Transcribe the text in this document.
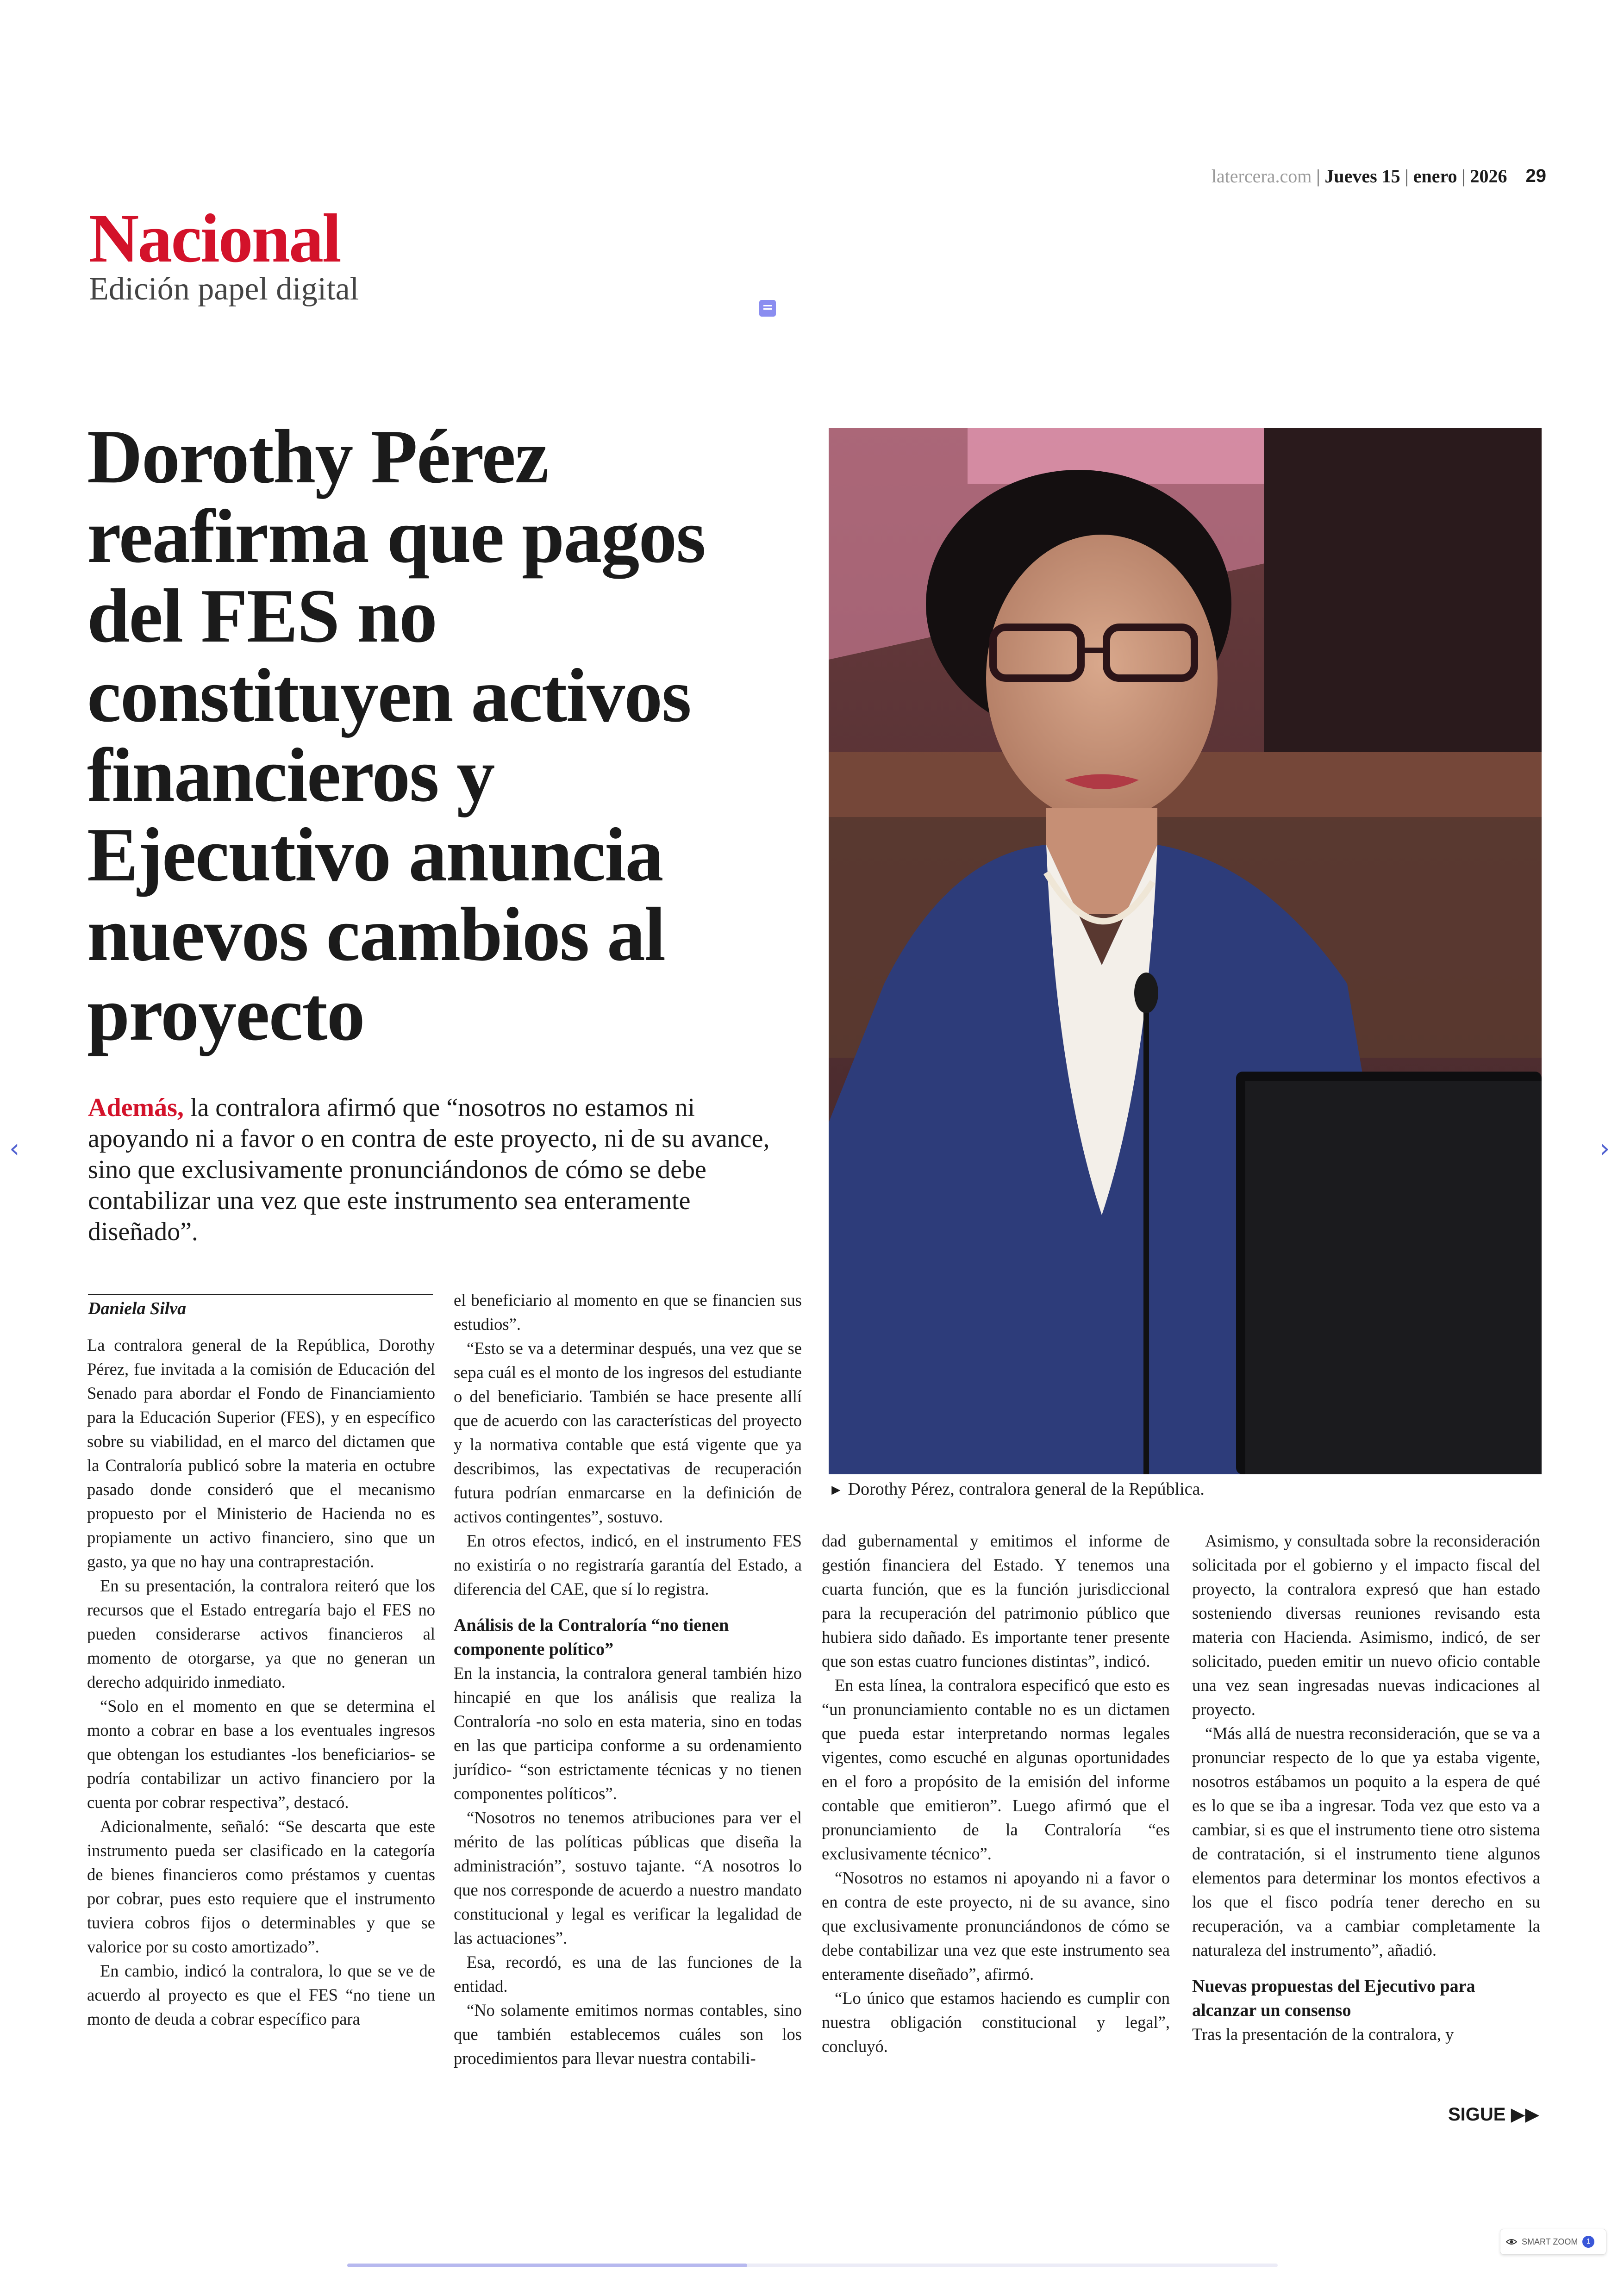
latercera.com | Jueves 15 | enero | 2026 29
Nacional
Edición papel digital
Dorothy Pérez reafirma que pagos del FES no constituyen activos financieros y Ejecutivo anuncia nuevos cambios al proyecto

Además, la contralora afirmó que “nosotros no estamos ni apoyando ni a favor o en contra de este proyecto, ni de su avance, sino que exclusivamente pronunciándonos de cómo se debe contabilizar una vez que este instrumento sea enteramente diseñado”.

► Dorothy Pérez, contralora general de la República.
Daniela Silva

La contralora general de la República, Dorothy Pérez, fue invitada a la comisión de Educación del Senado para abordar el Fondo de Financiamiento para la Educación Superior (FES), y en específico sobre su viabilidad, en el marco del dictamen que la Contraloría publicó sobre la materia en octubre pasado donde consideró que el mecanismo propuesto por el Ministerio de Hacienda no es propiamente un activo financiero, sino que un gasto, ya que no hay una contraprestación.

En su presentación, la contralora reiteró que los recursos que el Estado entregaría bajo el FES no pueden considerarse activos financieros al momento de otorgarse, ya que no generan un derecho adquirido inmediato.

“Solo en el momento en que se determina el monto a cobrar en base a los eventuales ingresos que obtengan los estudiantes -los beneficiarios- se podría contabilizar un activo financiero por la cuenta por cobrar respectiva”, destacó.

Adicionalmente, señaló: “Se descarta que este instrumento pueda ser clasificado en la categoría de bienes financieros como préstamos y cuentas por cobrar, pues esto requiere que el instrumento tuviera cobros fijos o determinables y que se valorice por su costo amortizado”.

En cambio, indicó la contralora, lo que se ve de acuerdo al proyecto es que el FES “no tiene un monto de deuda a cobrar específico para

el beneficiario al momento en que se financien sus estudios”.

“Esto se va a determinar después, una vez que se sepa cuál es el monto de los ingresos del estudiante o del beneficiario. También se hace presente allí que de acuerdo con las características del proyecto y la normativa contable que está vigente que ya describimos, las expectativas de recuperación futura podrían enmarcarse en la definición de activos contingentes”, sostuvo.

En otros efectos, indicó, en el instrumento FES no existiría o no registraría garantía del Estado, a diferencia del CAE, que sí lo registra.

Análisis de la Contraloría “no tienen componente político”

En la instancia, la contralora general también hizo hincapié en que los análisis que realiza la Contraloría -no solo en esta materia, sino en todas en las que participa conforme a su ordenamiento jurídico- “son estrictamente técnicas y no tienen componentes políticos”.

“Nosotros no tenemos atribuciones para ver el mérito de las políticas públicas que diseña la administración”, sostuvo tajante. “A nosotros lo que nos corresponde de acuerdo a nuestro mandato constitucional y legal es verificar la legalidad de las actuaciones”.

Esa, recordó, es una de las funciones de la entidad.

“No solamente emitimos normas contables, sino que también establecemos cuáles son los procedimientos para llevar nuestra contabili-

dad gubernamental y emitimos el informe de gestión financiera del Estado. Y tenemos una cuarta función, que es la función jurisdiccional para la recuperación del patrimonio público que hubiera sido dañado. Es importante tener presente que son estas cuatro funciones distintas”, indicó.

En esta línea, la contralora especificó que esto es “un pronunciamiento contable no es un dictamen que pueda estar interpretando normas legales vigentes, como escuché en algunas oportunidades en el foro a propósito de la emisión del informe contable que emitieron”. Luego afirmó que el pronunciamiento de la Contraloría “es exclusivamente técnico”.

“Nosotros no estamos ni apoyando ni a favor o en contra de este proyecto, ni de su avance, sino que exclusivamente pronunciándonos de cómo se debe contabilizar una vez que este instrumento sea enteramente diseñado”, afirmó.

“Lo único que estamos haciendo es cumplir con nuestra obligación constitucional y legal”, concluyó.

Asimismo, y consultada sobre la reconsideración solicitada por el gobierno y el impacto fiscal del proyecto, la contralora expresó que han estado sosteniendo diversas reuniones revisando esta materia con Hacienda. Asimismo, indicó, de ser solicitado, pueden emitir un nuevo oficio contable una vez sean ingresadas nuevas indicaciones al proyecto.

“Más allá de nuestra reconsideración, que se va a pronunciar respecto de lo que ya estaba vigente, nosotros estábamos un poquito a la espera de qué es lo que se iba a ingresar. Toda vez que esto va a cambiar, si es que el instrumento tiene otro sistema de contratación, si el instrumento tiene algunos elementos para determinar los montos efectivos a los que el fisco podría tener derecho en su recuperación, va a cambiar completamente la naturaleza del instrumento”, añadió.

Nuevas propuestas del Ejecutivo para alcanzar un consenso

Tras la presentación de la contralora, y

SIGUE ▶▶
‹	›
SMART ZOOM	1
